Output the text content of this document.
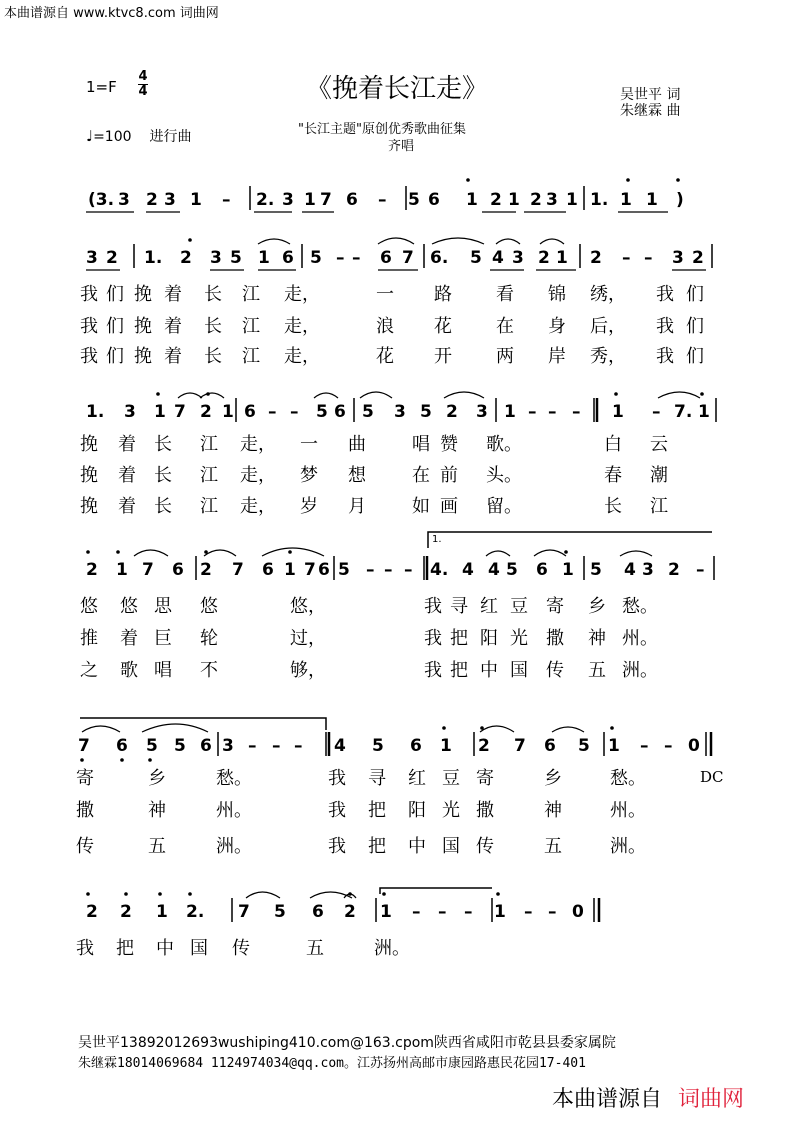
本曲谱源自 www.ktvc8.com 词曲网
1=F
4
4	《挽着长江走》	吴世平 词
朱继霖 曲
"长江主题"原创优秀歌曲征集
齐唱
♩=100 进行曲
(3. 3 2 3 1 – 2. 3 1 7 6 – 5 6 1 2 1 2 3 1 1. 1 1 )
3 2 1. 2 3 5 1 6 5 – – 6 7 6. 5 4 3 2 1 2 – – 3 2
我 们 挽 着 长 江 走，	一 路 看 锦 绣， 我 们
我 们 挽 着 长 江 走，	浪 花 在 身 后， 我 们
我 们 挽 着 长 江 走，	花 开 两 岸 秀， 我 们
1. 3 1 7 2 1 6 – – 5 6 5 3 5 2 3 1 – – – 1 – 7. 1
挽 着 长 江 走， 一 曲	唱 赞 歌。	白 云
挽 着 长 江 走， 梦 想	在 前 头。	春 潮
挽 着 长 江 走， 岁 月	如 画 留。	长 江
2 1 7 6 2 7 6 1 7 6 5 – – – 4. 4 4 5 6 1 5 4 3 2 –
悠 悠 思 悠	悠，	我 寻 红 豆 寄 乡 愁。
推 着 巨 轮	过，	我 把 阳 光 撒 神 州。
之 歌 唱 不	够，	我 把 中 国 传 五 洲。
7 6 5 5 6 3 – – – 4 5 6 1 2 7 6 5 1 – – 0
寄	乡	愁。	我 寻 红 豆 寄	乡	愁。
撒	神	州。	我 把 阳 光 撒	神	州。
传	五	洲。	我 把 中 国 传	五	洲。
2 2 1 2. 7 5 6 2 1 – – – 1 – – 0
我 把 中 国 传	五	洲。
DC
1.
吴世平13892012693wushiping410.com@163.cpom陕西省咸阳市乾县县委家属院
朱继霖18014069684 1124974034@qq.com。江苏扬州高邮市康园路惠民花园17-401
本曲谱源自 词曲网
